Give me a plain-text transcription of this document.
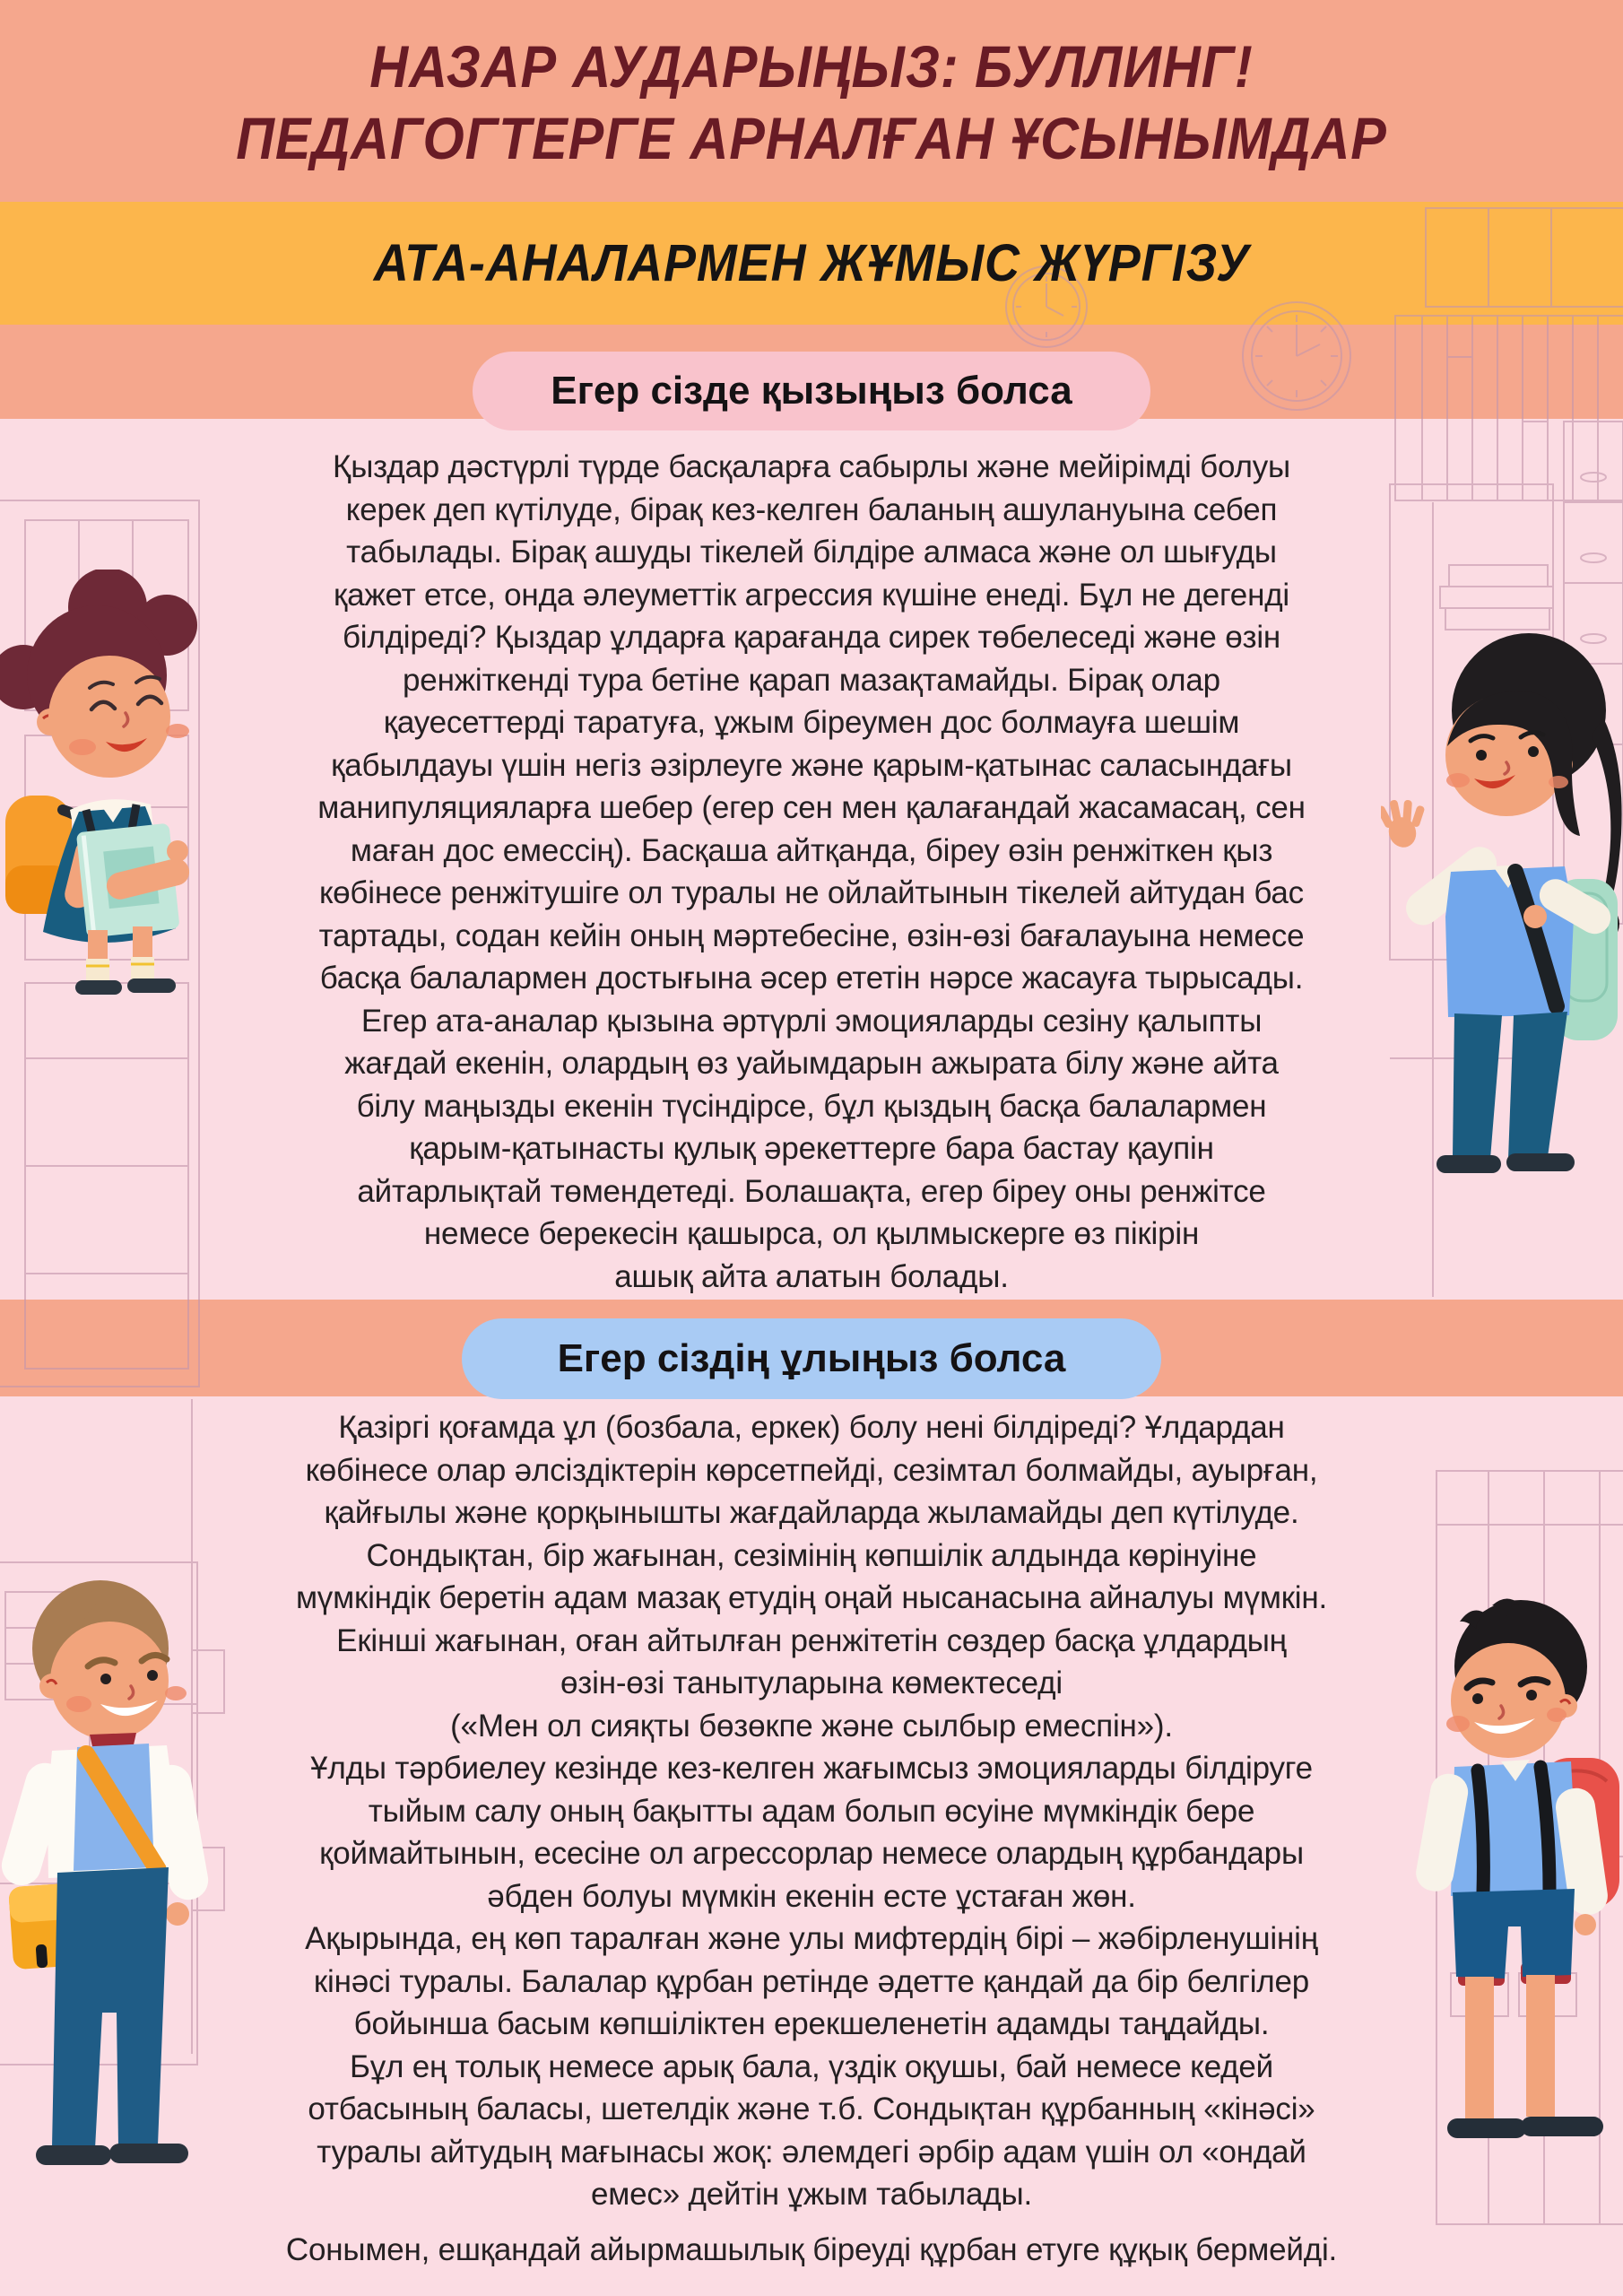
НАЗАР АУДАРЫҢЫЗ: БУЛЛИНГ!
ПЕДАГОГТЕРГЕ АРНАЛҒАН ҰСЫНЫМДАР
АТА-АНАЛАРМЕН ЖҰМЫС ЖҮРГІЗУ
Егер сізде қызыңыз болса
Егер сіздің ұлыңыз болса
Қыздар дәстүрлі түрде басқаларға сабырлы және мейірімді болуы
керек деп күтілуде, бірақ кез-келген баланың ашулануына себеп
табылады. Бірақ ашуды тікелей білдіре алмаса және ол шығуды
қажет етсе, онда әлеуметтік агрессия күшіне енеді. Бұл не дегенді
білдіреді? Қыздар ұлдарға қарағанда сирек төбелеседі және өзін
ренжіткенді тура бетіне қарап мазақтамайды. Бірақ олар
қауесеттерді таратуға, ұжым біреумен дос болмауға шешім
қабылдауы үшін негіз әзірлеуге және қарым-қатынас саласындағы
манипуляцияларға шебер (егер сен мен қалағандай жасамасаң, сен
маған дос емессің). Басқаша айтқанда, біреу өзін ренжіткен қыз
көбінесе ренжітушіге ол туралы не ойлайтынын тікелей айтудан бас
тартады, содан кейін оның мәртебесіне, өзін-өзі бағалауына немесе
басқа балалармен достығына әсер ететін нәрсе жасауға тырысады.
Егер ата-аналар қызына әртүрлі эмоцияларды сезіну қалыпты
жағдай екенін, олардың өз уайымдарын ажырата білу және айта
білу маңызды екенін түсіндірсе, бұл қыздың басқа балалармен
қарым-қатынасты қулық әрекеттерге бара бастау қаупін
айтарлықтай төмендетеді. Болашақта, егер біреу оны ренжітсе
немесе берекесін қашырса, ол қылмыскерге өз пікірін
ашық айта алатын болады.
Қазіргі қоғамда ұл (бозбала, еркек) болу нені білдіреді? Ұлдардан
көбінесе олар әлсіздіктерін көрсетпейді, сезімтал болмайды, ауырған,
қайғылы және қорқынышты жағдайларда жыламайды деп күтілуде.
Сондықтан, бір жағынан, сезімінің көпшілік алдында көрінуіне
мүмкіндік беретін адам мазақ етудің оңай нысанасына айналуы мүмкін.
Екінші жағынан, оған айтылған ренжітетін сөздер басқа ұлдардың
өзін-өзі танытуларына көмектеседі
(«Мен ол сияқты бөзөкпе және сылбыр емеспін»).
Ұлды тәрбиелеу кезінде кез-келген жағымсыз эмоцияларды білдіруге
тыйым салу оның бақытты адам болып өсуіне мүмкіндік бере
қоймайтынын, есесіне ол агрессорлар немесе олардың құрбандары
әбден болуы мүмкін екенін есте ұстаған жөн.
Ақырында, ең көп таралған және улы мифтердің бірі – жәбірленушінің
кінәсі туралы. Балалар құрбан ретінде әдетте қандай да бір белгілер
бойынша басым көпшіліктен ерекшеленетін адамды таңдайды.
Бұл ең толық немесе арық бала, үздік оқушы, бай немесе кедей
отбасының баласы, шетелдік және т.б. Сондықтан құрбанның «кінәсі»
туралы айтудың мағынасы жоқ: әлемдегі әрбір адам үшін ол «ондай
емес» дейтін ұжым табылады.
Сонымен, ешқандай айырмашылық біреуді құрбан етуге құқық бермейді.
